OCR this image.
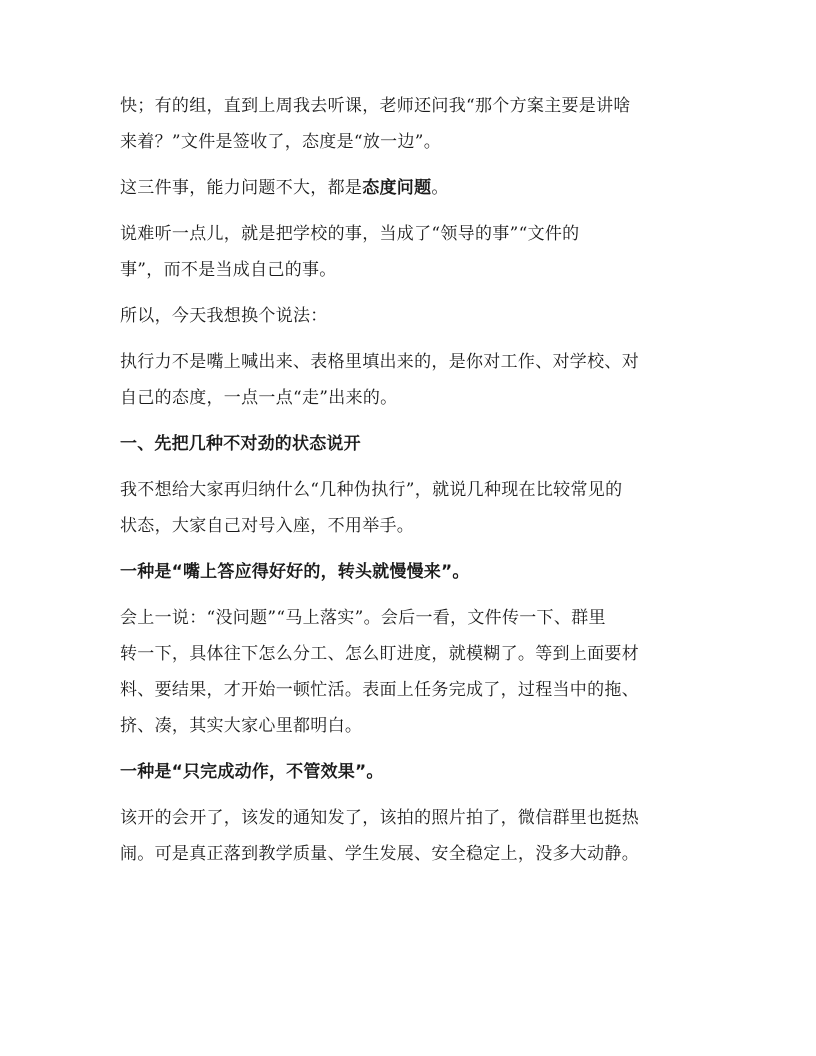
快；有的组，直到上周我去听课，老师还问我“那个方案主要是讲啥
来着？”文件是签收了，态度是“放一边”。

这三件事，能力问题不大，都是态度问题。

说难听一点儿，就是把学校的事，当成了“领导的事”“文件的
事”，而不是当成自己的事。

所以，今天我想换个说法：

执行力不是嘴上喊出来、表格里填出来的，是你对工作、对学校、对
自己的态度，一点一点“走”出来的。

一、先把几种不对劲的状态说开

我不想给大家再归纳什么“几种伪执行”，就说几种现在比较常见的
状态，大家自己对号入座，不用举手。

一种是“嘴上答应得好好的，转头就慢慢来”。

会上一说：“没问题”“马上落实”。会后一看，文件传一下、群里
转一下，具体往下怎么分工、怎么盯进度，就模糊了。等到上面要材
料、要结果，才开始一顿忙活。表面上任务完成了，过程当中的拖、
挤、凑，其实大家心里都明白。

一种是“只完成动作，不管效果”。

该开的会开了，该发的通知发了，该拍的照片拍了，微信群里也挺热
闹。可是真正落到教学质量、学生发展、安全稳定上，没多大动静。
